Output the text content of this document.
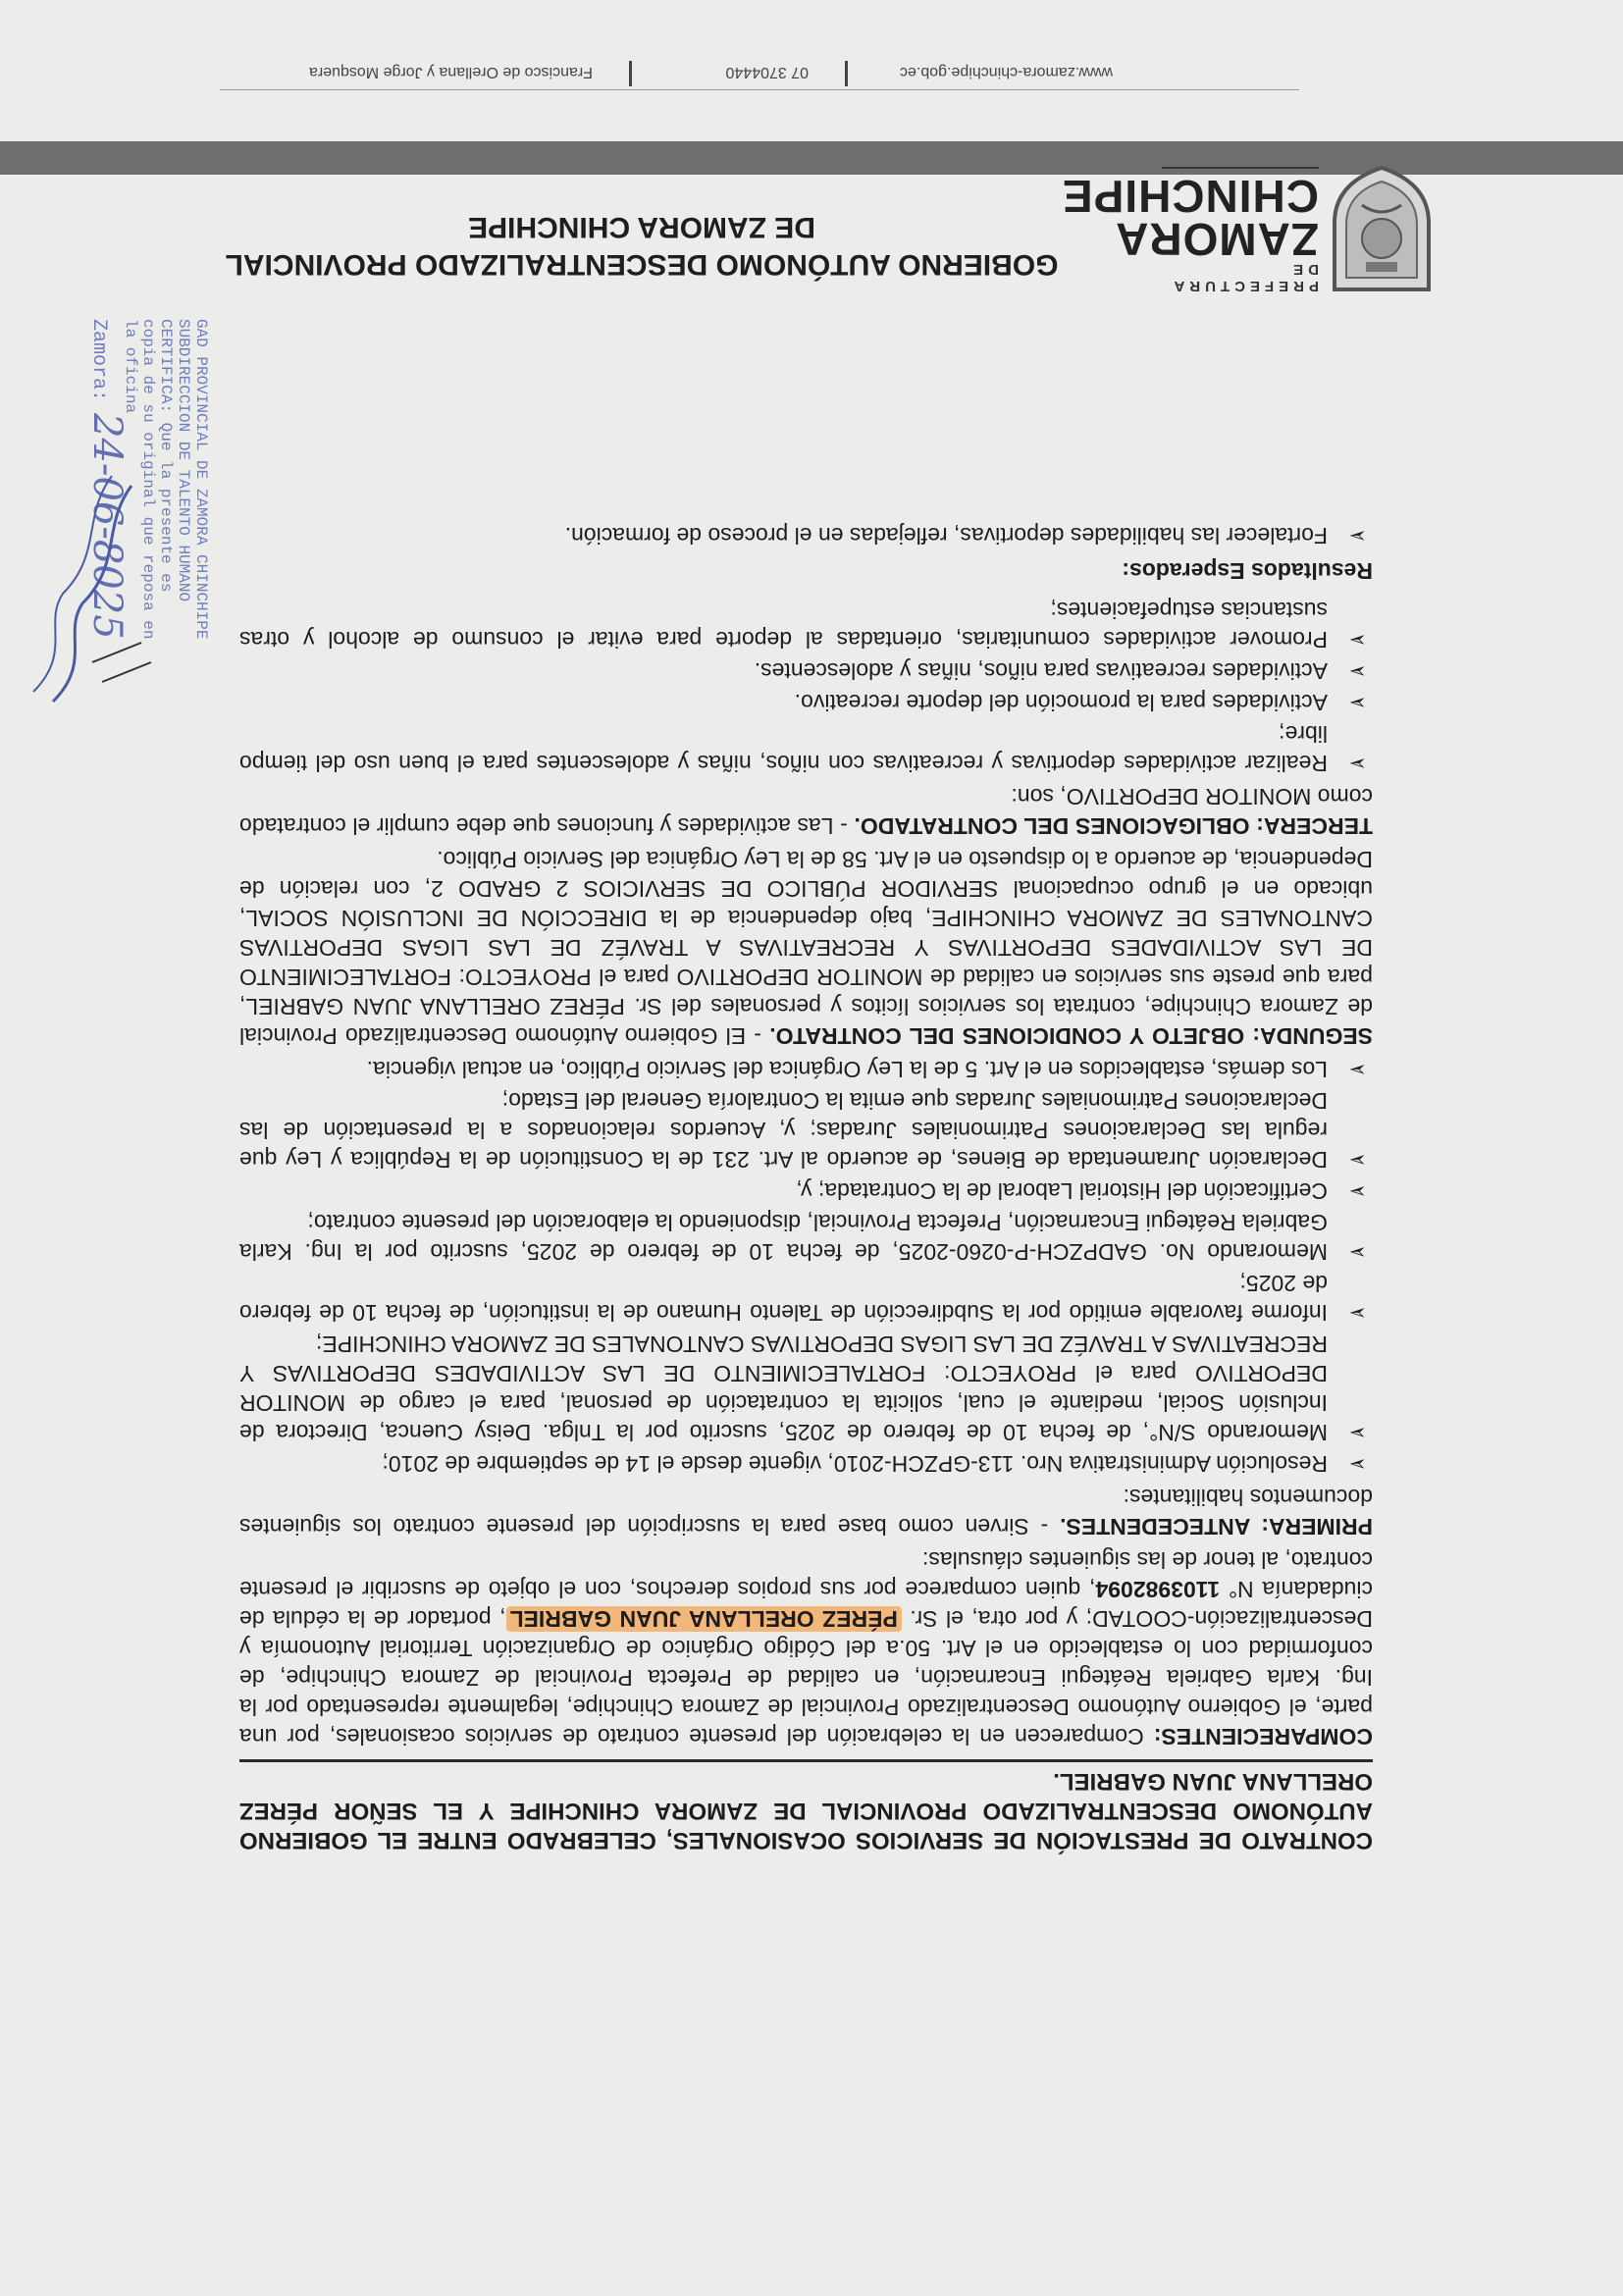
PREFECTURA DE
ZAMORA
CHINCHIPE
GOBIERNO AUTÓNOMO DESCENTRALIZADO PROVINCIAL
DE ZAMORA CHINCHIPE

CONTRATO DE PRESTACIÓN DE SERVICIOS OCASIONALES, CELEBRADO ENTRE EL GOBIERNO AUTÓNOMO DESCENTRALIZADO PROVINCIAL DE ZAMORA CHINCHIPE Y EL SEÑOR PÉREZ ORELLANA JUAN GABRIEL.

COMPARECIENTES: Comparecen en la celebración del presente contrato de servicios ocasionales, por una parte, el Gobierno Autónomo Descentralizado Provincial de Zamora Chinchipe, legalmente representado por la Ing. Karla Gabriela Reátegui Encarnación, en calidad de Prefecta Provincial de Zamora Chinchipe, de conformidad con lo establecido en el Art. 50.a del Código Orgánico de Organización Territorial Autonomía y Descentralización-COOTAD; y por otra, el Sr. PÉREZ ORELLANA JUAN GABRIEL, portador de la cédula de ciudadanía N° 1103982094, quien comparece por sus propios derechos, con el objeto de suscribir el presente contrato, al tenor de las siguientes cláusulas:

PRIMERA: ANTECEDENTES. - Sirven como base para la suscripción del presente contrato los siguientes documentos habilitantes:

➢ Resolución Administrativa Nro. 113-GPZCH-2010, vigente desde el 14 de septiembre de 2010;
➢ Memorando S/N°, de fecha 10 de febrero de 2025, suscrito por la Tnlga. Deisy Cuenca, Directora de Inclusión Social, mediante el cual, solicita la contratación de personal, para el cargo de MONITOR DEPORTIVO para el PROYECTO: FORTALECIMIENTO DE LAS ACTIVIDADES DEPORTIVAS Y RECREATIVAS A TRAVÉZ DE LAS LIGAS DEPORTIVAS CANTONALES DE ZAMORA CHINCHIPE;
➢ Informe favorable emitido por la Subdirección de Talento Humano de la institución, de fecha 10 de febrero de 2025;
➢ Memorando No. GADPZCH-P-0260-2025, de fecha 10 de febrero de 2025, suscrito por la Ing. Karla Gabriela Reátegui Encarnación, Prefecta Provincial, disponiendo la elaboración del presente contrato;
➢ Certificación del Historial Laboral de la Contratada; y,
➢ Declaración Juramentada de Bienes, de acuerdo al Art. 231 de la Constitución de la República y Ley que regula las Declaraciones Patrimoniales Juradas; y, Acuerdos relacionados a la presentación de las Declaraciones Patrimoniales Juradas que emita la Contraloría General del Estado;
➢ Los demás, establecidos en el Art. 5 de la Ley Orgánica del Servicio Público, en actual vigencia.

SEGUNDA: OBJETO Y CONDICIONES DEL CONTRATO. - El Gobierno Autónomo Descentralizado Provincial de Zamora Chinchipe, contrata los servicios lícitos y personales del Sr. PÉREZ ORELLANA JUAN GABRIEL, para que preste sus servicios en calidad de MONITOR DEPORTIVO para el PROYECTO: FORTALECIMIENTO DE LAS ACTIVIDADES DEPORTIVAS Y RECREATIVAS A TRAVÉZ DE LAS LIGAS DEPORTIVAS CANTONALES DE ZAMORA CHINCHIPE, bajo dependencia de la DIRECCIÓN DE INCLUSIÓN SOCIAL, ubicado en el grupo ocupacional SERVIDOR PÚBLICO DE SERVICIOS 2 GRADO 2, con relación de Dependencia, de acuerdo a lo dispuesto en el Art. 58 de la Ley Orgánica del Servicio Público.

TERCERA: OBLIGACIONES DEL CONTRATADO. - Las actividades y funciones que debe cumplir el contratado como MONITOR DEPORTIVO, son:

➢ Realizar actividades deportivas y recreativas con niños, niñas y adolescentes para el buen uso del tiempo libre;
➢ Actividades para la promoción del deporte recreativo.
➢ Actividades recreativas para niños, niñas y adolescentes.
➢ Promover actividades comunitarias, orientadas al deporte para evitar el consumo de alcohol y otras sustancias estupefacientes;

Resultados Esperados:

➢ Fortalecer las habilidades deportivas, reflejadas en el proceso de formación.
Francisco de Orellana y Jorge Mosquera	07 3704440	www.zamora-chinchipe.gob.ec
GAD PROVINCIAL DE ZAMORA CHINCHIPE
SUBDIRECCION DE TALENTO HUMANO
CERTIFICA: Que la presente es
copia de su original que reposa en
la oficina
Zamora: 24-06-8025
